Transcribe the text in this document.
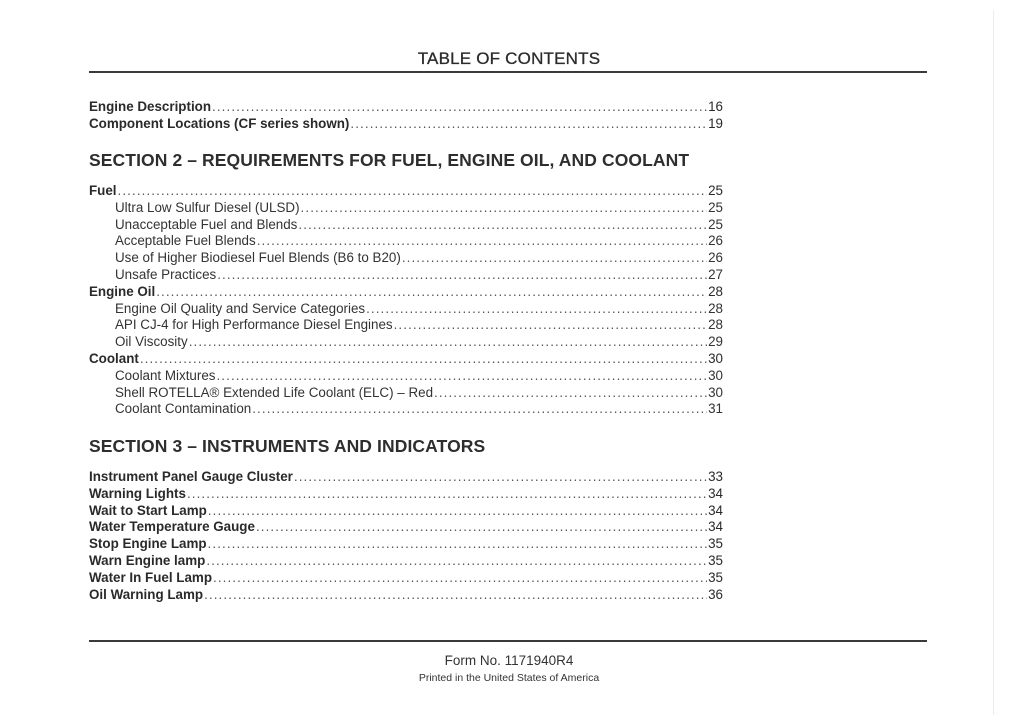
TABLE OF CONTENTS
Engine Description .....	16
Component Locations (CF series shown) .....	19
SECTION 2 – REQUIREMENTS FOR FUEL, ENGINE OIL, AND COOLANT
Fuel .....	25
Ultra Low Sulfur Diesel (ULSD) .....	25
Unacceptable Fuel and Blends .....	25
Acceptable Fuel Blends .....	26
Use of Higher Biodiesel Fuel Blends (B6 to B20) .....	26
Unsafe Practices .....	27
Engine Oil .....	28
Engine Oil Quality and Service Categories .....	28
API CJ-4 for High Performance Diesel Engines .....	28
Oil Viscosity .....	29
Coolant .....	30
Coolant Mixtures .....	30
Shell ROTELLA® Extended Life Coolant (ELC) – Red .....	30
Coolant Contamination .....	31
SECTION 3 – INSTRUMENTS AND INDICATORS
Instrument Panel Gauge Cluster .....	33
Warning Lights .....	34
Wait to Start Lamp .....	34
Water Temperature Gauge .....	34
Stop Engine Lamp .....	35
Warn Engine lamp .....	35
Water In Fuel Lamp .....	35
Oil Warning Lamp .....	36
Form No. 1171940R4
Printed in the United States of America
